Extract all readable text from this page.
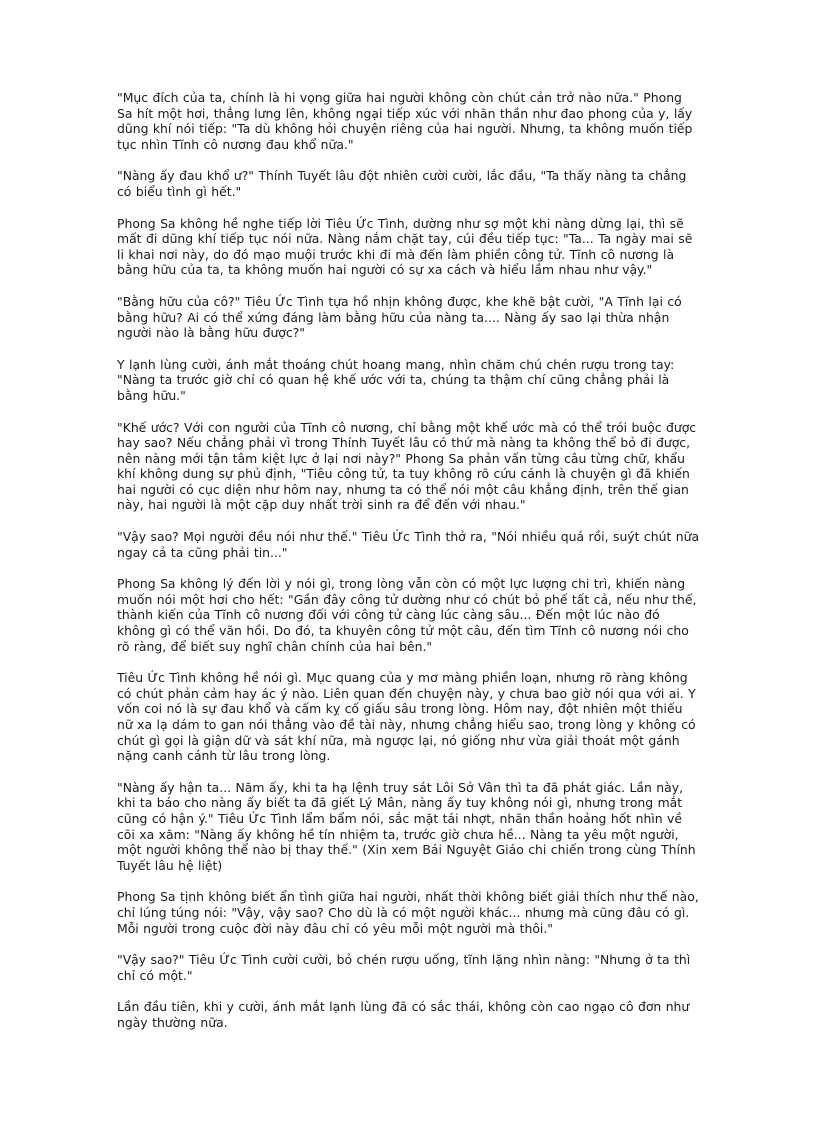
"Mục đích của ta, chính là hi vọng giữa hai người không còn chút cản trở nào nữa." Phong
Sa hít một hơi, thẳng lưng lên, không ngại tiếp xúc với nhãn thần như đao phong của y, lấy
dũng khí nói tiếp: "Ta dù không hỏi chuyện riêng của hai người. Nhưng, ta không muốn tiếp
tục nhìn Tĩnh cô nương đau khổ nữa."

"Nàng ấy đau khổ ư?" Thính Tuyết lâu đột nhiên cười cười, lắc đầu, "Ta thấy nàng ta chẳng
có biểu tình gì hết."

Phong Sa không hề nghe tiếp lời Tiêu Ức Tình, dường như sợ một khi nàng dừng lại, thì sẽ
mất đi dũng khí tiếp tục nói nữa. Nàng nắm chặt tay, cúi đều tiếp tục: "Ta... Ta ngày mai sẽ
li khai nơi này, do đó mạo muội trước khi đi mà đến làm phiền công tử. Tĩnh cô nương là
bằng hữu của ta, ta không muốn hai người có sự xa cách và hiểu lầm nhau như vậy."

"Bằng hữu của cô?" Tiêu Ức Tình tựa hồ nhịn không được, khe khẽ bật cười, "A Tĩnh lại có
bằng hữu? Ai có thể xứng đáng làm bằng hữu của nàng ta.... Nàng ấy sao lại thừa nhận
người nào là bằng hữu được?"

Y lạnh lùng cười, ánh mắt thoáng chút hoang mang, nhìn chăm chú chén rượu trong tay:
"Nàng ta trước giờ chỉ có quan hệ khế ước với ta, chúng ta thậm chí cũng chẳng phải là
bằng hữu."

"Khế ước? Với con người của Tĩnh cô nương, chỉ bằng một khế ước mà có thể trói buộc được
hay sao? Nếu chẳng phải vì trong Thính Tuyết lâu có thứ mà nàng ta không thể bỏ đi được,
nên nàng mới tận tâm kiệt lực ở lại nơi này?" Phong Sa phản vấn từng câu từng chữ, khẩu
khí không dung sự phủ định, "Tiêu công tử, ta tuy không rõ cứu cánh là chuyện gì đã khiến
hai người có cục diện như hôm nay, nhưng ta có thể nói một câu khẳng định, trên thế gian
này, hai người là một cặp duy nhất trời sinh ra để đến với nhau."

"Vậy sao? Mọi người đều nói như thế." Tiêu Ức Tình thở ra, "Nói nhiều quá rồi, suýt chút nữa
ngay cả ta cũng phải tin..."

Phong Sa không lý đến lời y nói gì, trong lòng vẫn còn có một lực lượng chi trì, khiến nàng
muốn nói một hơi cho hết: "Gần đây công tử dường như có chút bỏ phế tất cả, nếu như thế,
thành kiến của Tĩnh cô nương đối với công tử càng lúc càng sâu... Đến một lúc nào đó
không gì có thể vãn hồi. Do đó, ta khuyên công tử một câu, đến tìm Tĩnh cô nương nói cho
rõ ràng, để biết suy nghĩ chân chính của hai bên."

Tiêu Ức Tình không hề nói gì. Mục quang của y mơ màng phiền loạn, nhưng rõ ràng không
có chút phản cảm hay ác ý nào. Liên quan đến chuyện này, y chưa bao giờ nói qua với ai. Y
vốn coi nó là sự đau khổ và cấm kỵ cố giấu sâu trong lòng. Hôm nay, đột nhiên một thiếu
nữ xa lạ dám to gan nói thẳng vào đề tài này, nhưng chẳng hiểu sao, trong lòng y không có
chút gì gọi là giận dữ và sát khí nữa, mà ngược lại, nó giống như vừa giải thoát một gánh
nặng canh cánh từ lâu trong lòng.

"Nàng ấy hận ta... Năm ấy, khi ta hạ lệnh truy sát Lôi Sở Vân thì ta đã phát giác. Lần này,
khi ta báo cho nàng ấy biết ta đã giết Lý Mân, nàng ấy tuy không nói gì, nhưng trong mắt
cũng có hận ý." Tiêu Ức Tình lẩm bẩm nói, sắc mặt tái nhợt, nhãn thần hoảng hốt nhìn về
cõi xa xăm: "Nàng ấy không hề tín nhiệm ta, trước giờ chưa hề... Nàng ta yêu một người,
một người không thể nào bị thay thế." (Xin xem Bái Nguyệt Giáo chi chiến trong cùng Thính
Tuyết lâu hệ liệt)

Phong Sa tịnh không biết ẩn tình giữa hai người, nhất thời không biết giải thích như thế nào,
chỉ lúng túng nói: "Vậy, vậy sao? Cho dù là có một người khác... nhưng mà cũng đâu có gì.
Mỗi người trong cuộc đời này đâu chỉ có yêu mỗi một người mà thôi."

"Vậy sao?" Tiêu Ức Tình cười cười, bỏ chén rượu uống, tĩnh lặng nhìn nàng: "Nhưng ở ta thì
chỉ có một."

Lần đầu tiên, khi y cười, ánh mắt lạnh lùng đã có sắc thái, không còn cao ngạo cô đơn như
ngày thường nữa.
